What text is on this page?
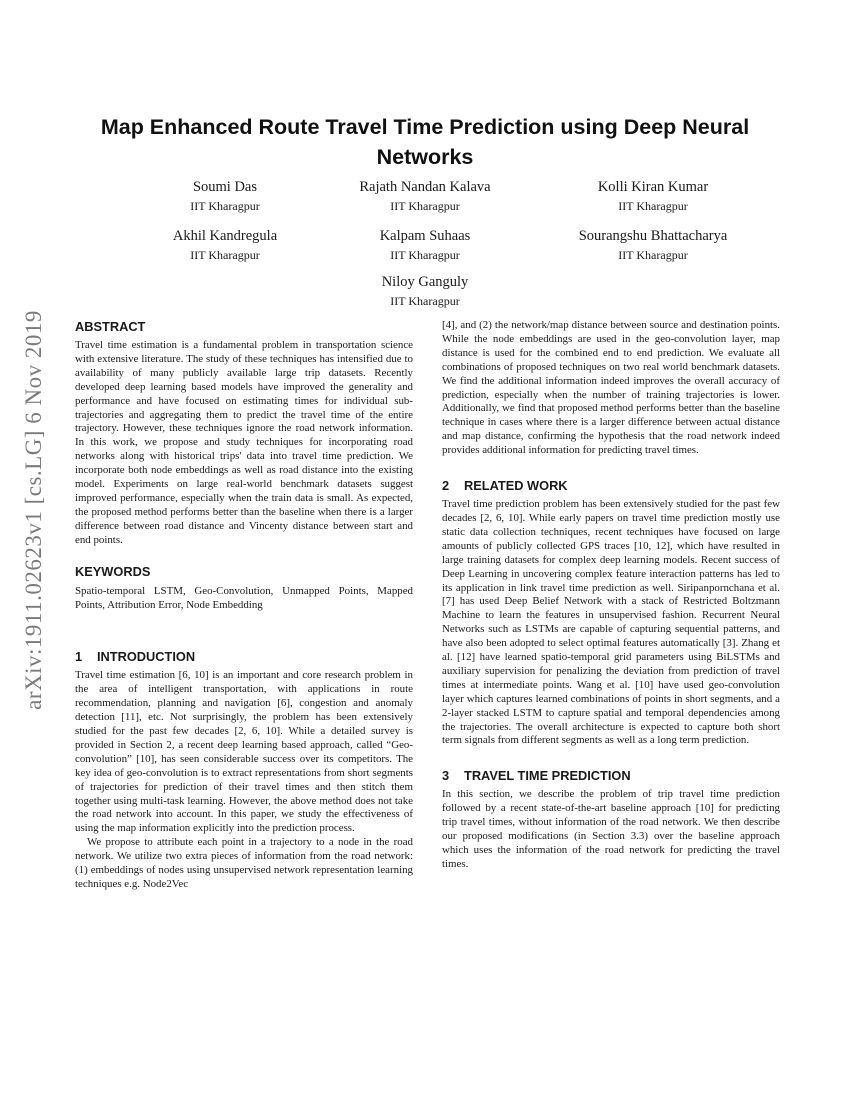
arXiv:1911.02623v1 [cs.LG] 6 Nov 2019
Map Enhanced Route Travel Time Prediction using Deep Neural Networks
Soumi Das
IIT Kharagpur
Rajath Nandan Kalava
IIT Kharagpur
Kolli Kiran Kumar
IIT Kharagpur
Akhil Kandregula
IIT Kharagpur
Kalpam Suhaas
IIT Kharagpur
Sourangshu Bhattacharya
IIT Kharagpur
Niloy Ganguly
IIT Kharagpur
ABSTRACT

Travel time estimation is a fundamental problem in transportation science with extensive literature. The study of these techniques has intensified due to availability of many publicly available large trip datasets. Recently developed deep learning based models have improved the generality and performance and have focused on estimating times for individual sub-trajectories and aggregating them to predict the travel time of the entire trajectory. However, these techniques ignore the road network information. In this work, we propose and study techniques for incorporating road networks along with historical trips' data into travel time prediction. We incorporate both node embeddings as well as road distance into the existing model. Experiments on large real-world benchmark datasets suggest improved performance, especially when the train data is small. As expected, the proposed method performs better than the baseline when there is a larger difference between road distance and Vincenty distance between start and end points.

KEYWORDS

Spatio-temporal LSTM, Geo-Convolution, Unmapped Points, Mapped Points, Attribution Error, Node Embedding

1 INTRODUCTION

Travel time estimation [6, 10] is an important and core research problem in the area of intelligent transportation, with applications in route recommendation, planning and navigation [6], congestion and anomaly detection [11], etc. Not surprisingly, the problem has been extensively studied for the past few decades [2, 6, 10]. While a detailed survey is provided in Section 2, a recent deep learning based approach, called “Geo-convolution” [10], has seen considerable success over its competitors. The key idea of geo-convolution is to extract representations from short segments of trajectories for prediction of their travel times and then stitch them together using multi-task learning. However, the above method does not take the road network into account. In this paper, we study the effectiveness of using the map information explicitly into the prediction process.

We propose to attribute each point in a trajectory to a node in the road network. We utilize two extra pieces of information from the road network: (1) embeddings of nodes using unsupervised network representation learning techniques e.g. Node2Vec

[4], and (2) the network/map distance between source and destination points. While the node embeddings are used in the geo-convolution layer, map distance is used for the combined end to end prediction. We evaluate all combinations of proposed techniques on two real world benchmark datasets. We find the additional information indeed improves the overall accuracy of prediction, especially when the number of training trajectories is lower. Additionally, we find that proposed method performs better than the baseline technique in cases where there is a larger difference between actual distance and map distance, confirming the hypothesis that the road network indeed provides additional information for predicting travel times.

2 RELATED WORK

Travel time prediction problem has been extensively studied for the past few decades [2, 6, 10]. While early papers on travel time prediction mostly use static data collection techniques, recent techniques have focused on large amounts of publicly collected GPS traces [10, 12], which have resulted in large training datasets for complex deep learning models. Recent success of Deep Learning in uncovering complex feature interaction patterns has led to its application in link travel time prediction as well. Siripanpornchana et al. [7] has used Deep Belief Network with a stack of Restricted Boltzmann Machine to learn the features in unsupervised fashion. Recurrent Neural Networks such as LSTMs are capable of capturing sequential patterns, and have also been adopted to select optimal features automatically [3]. Zhang et al. [12] have learned spatio-temporal grid parameters using BiLSTMs and auxiliary supervision for penalizing the deviation from prediction of travel times at intermediate points. Wang et al. [10] have used geo-convolution layer which captures learned combinations of points in short segments, and a 2-layer stacked LSTM to capture spatial and temporal dependencies among the trajectories. The overall architecture is expected to capture both short term signals from different segments as well as a long term prediction.

3 TRAVEL TIME PREDICTION

In this section, we describe the problem of trip travel time prediction followed by a recent state-of-the-art baseline approach [10] for predicting trip travel times, without information of the road network. We then describe our proposed modifications (in Section 3.3) over the baseline approach which uses the information of the road network for predicting the travel times.
